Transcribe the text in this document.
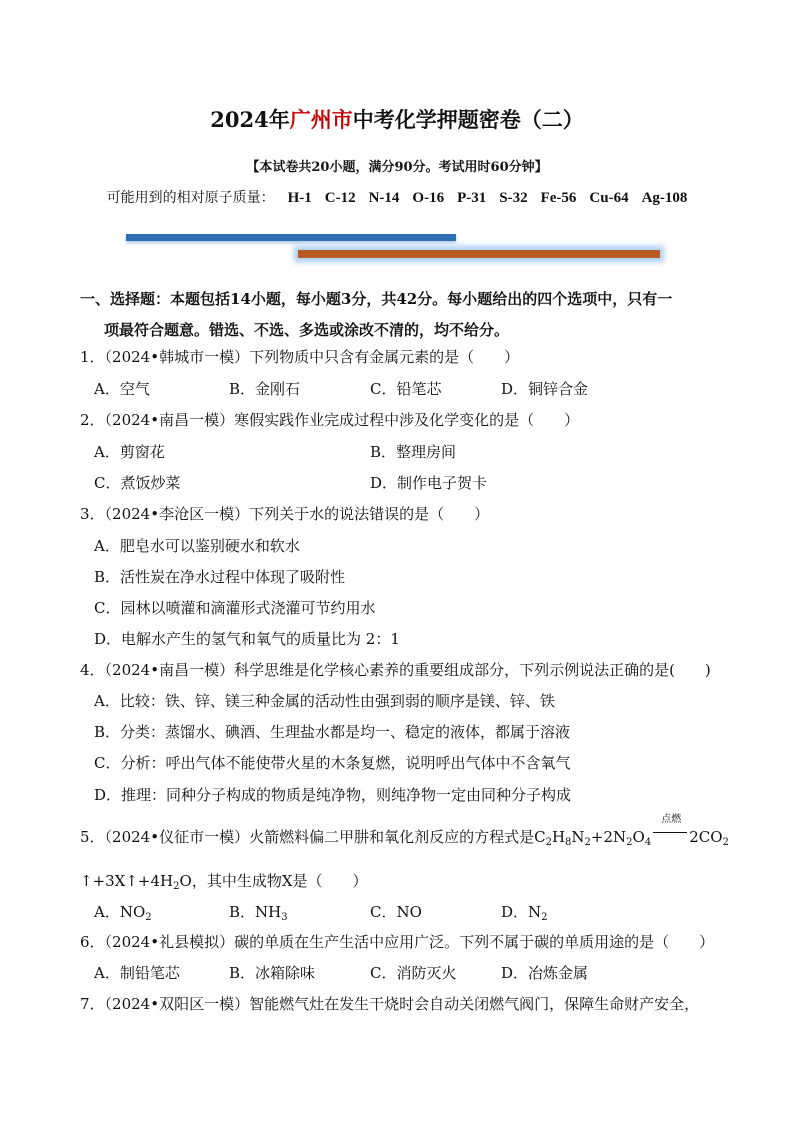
2024年广州市中考化学押题密卷（二）
【本试卷共20小题，满分90分。考试用时60分钟】
可能用到的相对原子质量： H-1 C-12 N-14 O-16 P-31 S-32 Fe-56 Cu-64 Ag-108
一、选择题：本题包括14小题，每小题3分，共42分。每小题给出的四个选项中，只有一
项最符合题意。错选、不选、多选或涂改不清的，均不给分。
1．（2024•韩城市一模）下列物质中只含有金属元素的是（　　）
A．空气	B．金刚石	C．铅笔芯	D．铜锌合金
2．（2024•南昌一模）寒假实践作业完成过程中涉及化学变化的是（　　）
A．剪窗花	B．整理房间
C．煮饭炒菜	D．制作电子贺卡
3．（2024•李沧区一模）下列关于水的说法错误的是（　　）
A．肥皂水可以鉴别硬水和软水
B．活性炭在净水过程中体现了吸附性
C．园林以喷灌和滴灌形式浇灌可节约用水
D．电解水产生的氢气和氧气的质量比为 2：1
4．（2024•南昌一模）科学思维是化学核心素养的重要组成部分，下列示例说法正确的是(　　)
A．比较：铁、锌、镁三种金属的活动性由强到弱的顺序是镁、锌、铁
B．分类：蒸馏水、碘酒、生理盐水都是均一、稳定的液体，都属于溶液
C．分析：呼出气体不能使带火星的木条复燃，说明呼出气体中不含氧气
D．推理：同种分子构成的物质是纯净物，则纯净物一定由同种分子构成
5．（2024•仪征市一模）火箭燃料偏二甲肼和氧化剂反应的方程式是$C_2H_8N_2+2N_2O_4$
点燃
$2CO_2$
$↑+3X↑+4H_2O$，其中生成物X是（　　）
A．$NO_2$	B．$NH_3$	C．NO	D．$N_2$
6．（2024•礼县模拟）碳的单质在生产生活中应用广泛。下列不属于碳的单质用途的是（　　）
A．制铅笔芯	B．冰箱除味	C．消防灭火	D．冶炼金属
7．（2024•双阳区一模）智能燃气灶在发生干烧时会自动关闭燃气阀门，保障生命财产安全，
